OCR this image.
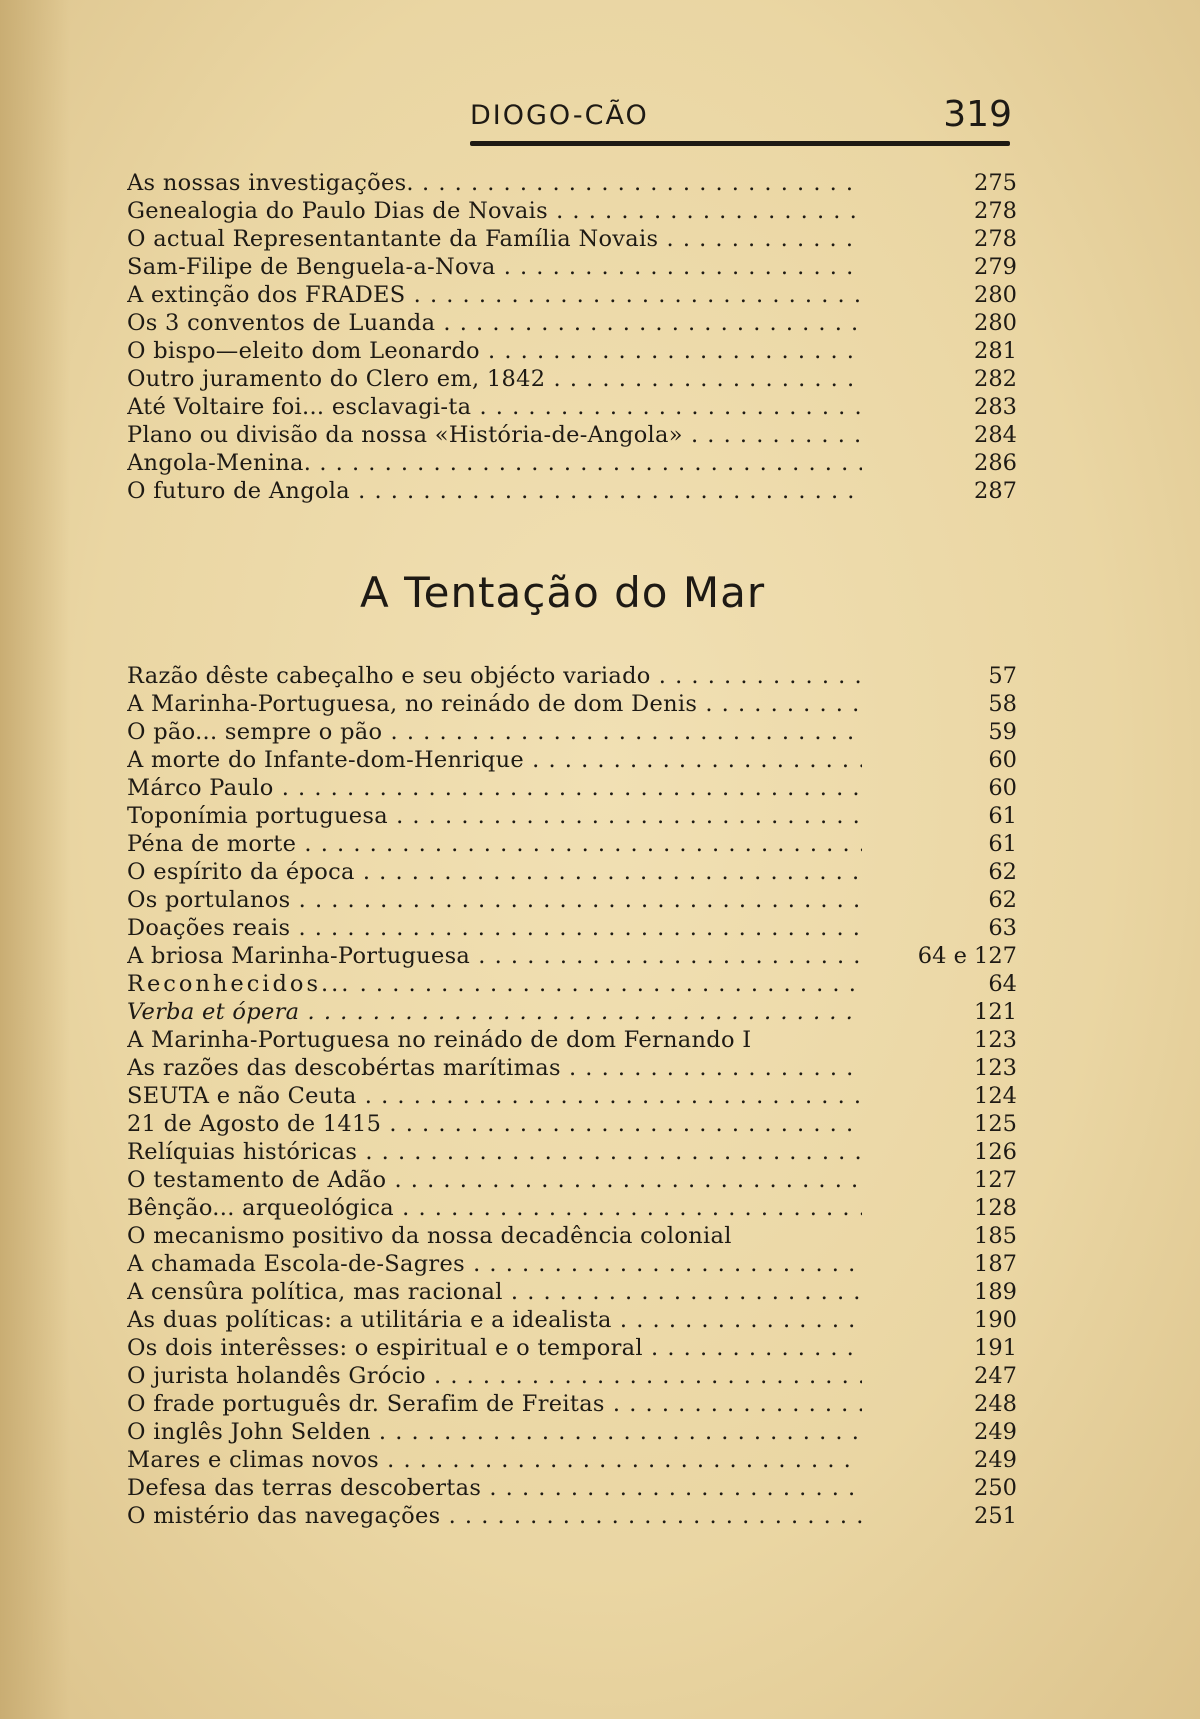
DIOGO-CÃO	319
As nossas investigações. . .	275
Genealogia do Paulo Dias de Novais . .	278
O actual Representantante da Família Novais . .	278
Sam-Filipe de Benguela-a-Nova . .	279
A extinção dos FRADES . .	280
Os 3 conventos de Luanda . .	280
O bispo—eleito dom Leonardo . .	281
Outro juramento do Clero em, 1842 . .	282
Até Voltaire foi... esclavagi-ta . .	283
Plano ou divisão da nossa «História-de-Angola» . .	284
Angola-Menina. . .	286
O futuro de Angola . .	287
A Tentação do Mar
Razão dêste cabeçalho e seu objécto variado . .	57
A Marinha-Portuguesa, no reinádo de dom Denis . .	58
O pão... sempre o pão . .	59
A morte do Infante-dom-Henrique . .	60
Márco Paulo . .	60
Toponímia portuguesa . .	61
Péna de morte . .	61
O espírito da época . .	62
Os portulanos . .	62
Doações reais . .	63
A briosa Marinha-Portuguesa . .	64 e 127
Reconhecidos... . .	64
Verba et ópera . .	121
A Marinha-Portuguesa no reinádo de dom Fernando I	123
As razões das descobértas marítimas . .	123
SEUTA e não Ceuta . .	124
21 de Agosto de 1415 . .	125
Relíquias históricas . .	126
O testamento de Adão . .	127
Bênção... arqueológica . .	128
O mecanismo positivo da nossa decadência colonial	185
A chamada Escola-de-Sagres . .	187
A censûra política, mas racional . .	189
As duas políticas: a utilitária e a idealista . .	190
Os dois interêsses: o espiritual e o temporal . .	191
O jurista holandês Grócio . .	247
O frade português dr. Serafim de Freitas . .	248
O inglês John Selden . .	249
Mares e climas novos . .	249
Defesa das terras descobertas . .	250
O mistério das navegações . .	251
